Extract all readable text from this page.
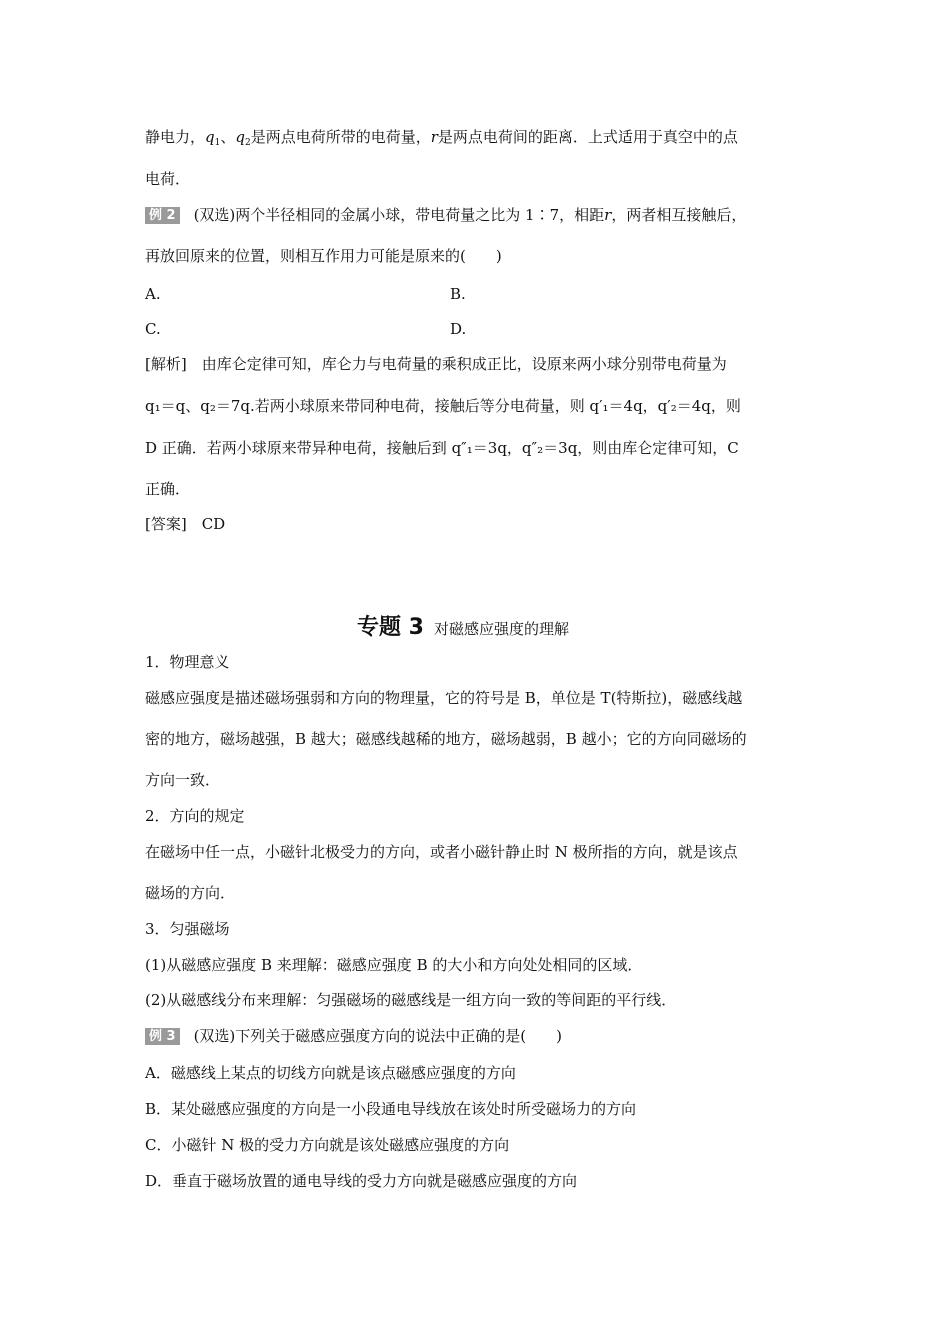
静电力，$q_1$、$q_2$是两点电荷所带的电荷量，r是两点电荷间的距离．上式适用于真空中的点
电荷．
例 2 (双选)两个半径相同的金属小球，带电荷量之比为 1∶7，相距r，两者相互接触后，
再放回原来的位置，则相互作用力可能是原来的(　　)
A.	B.
C.	D.
[解析]　由库仑定律可知，库仑力与电荷量的乘积成正比，设原来两小球分别带电荷量为
q₁＝q、q₂＝7q.若两小球原来带同种电荷，接触后等分电荷量，则 q′₁＝4q，q′₂＝4q，则
D 正确．若两小球原来带异种电荷，接触后到 q″₁＝3q，q″₂＝3q，则由库仑定律可知，C
正确．
[答案]　CD
专题 3 对磁感应强度的理解
1．物理意义
磁感应强度是描述磁场强弱和方向的物理量，它的符号是 B，单位是 T(特斯拉)，磁感线越
密的地方，磁场越强，B 越大；磁感线越稀的地方，磁场越弱，B 越小；它的方向同磁场的
方向一致．
2．方向的规定
在磁场中任一点，小磁针北极受力的方向，或者小磁针静止时 N 极所指的方向，就是该点
磁场的方向．
3．匀强磁场
(1)从磁感应强度 B 来理解：磁感应强度 B 的大小和方向处处相同的区域．
(2)从磁感线分布来理解：匀强磁场的磁感线是一组方向一致的等间距的平行线．
例 3 (双选)下列关于磁感应强度方向的说法中正确的是(　　)
A．磁感线上某点的切线方向就是该点磁感应强度的方向
B．某处磁感应强度的方向是一小段通电导线放在该处时所受磁场力的方向
C．小磁针 N 极的受力方向就是该处磁感应强度的方向
D．垂直于磁场放置的通电导线的受力方向就是磁感应强度的方向
